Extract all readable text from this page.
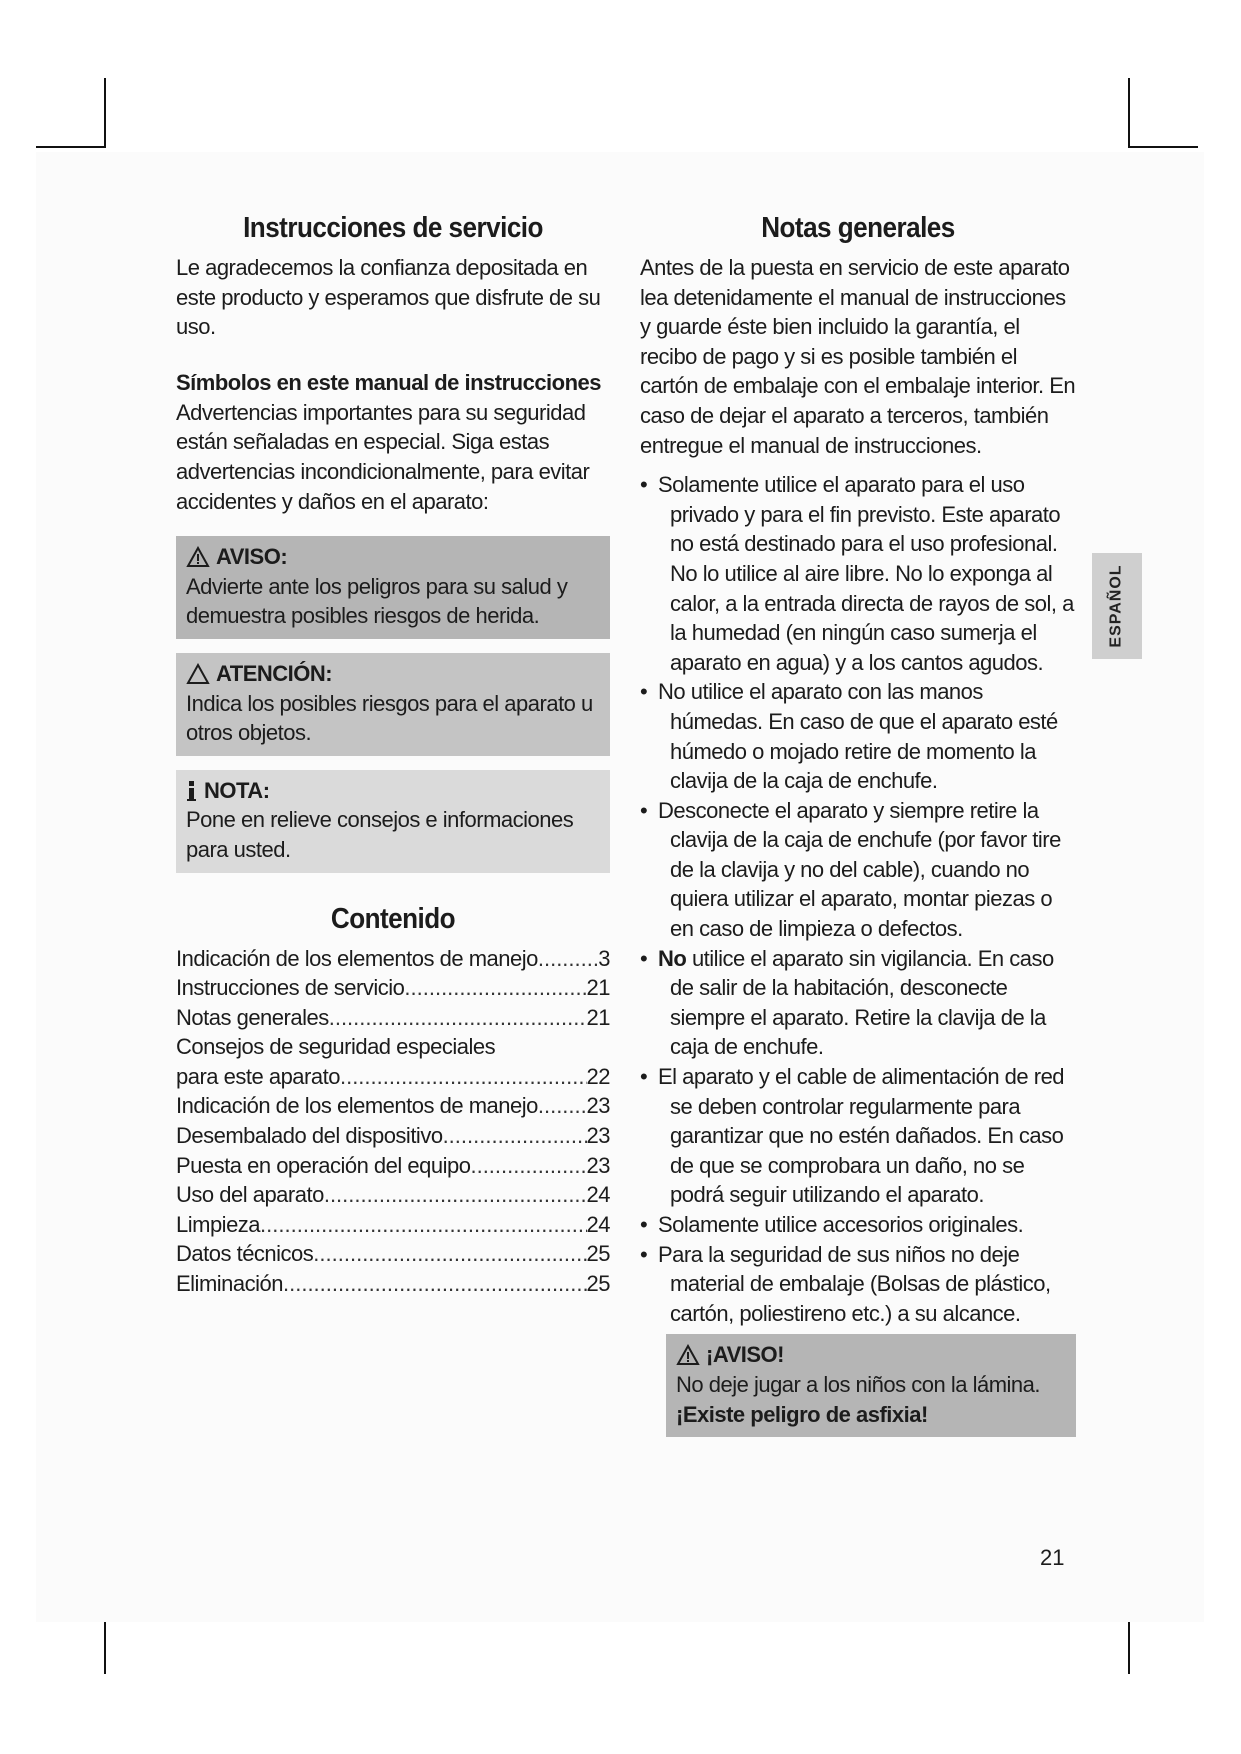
Instrucciones de servicio

Le agradecemos la confianza depositada en este producto y esperamos que disfrute de su uso.

Símbolos en este manual de instrucciones

Advertencias importantes para su seguridad están señaladas en especial. Siga estas advertencias incondicionalmente, para evitar accidentes y daños en el aparato:

AVISO:
Advierte ante los peligros para su salud y demuestra posibles riesgos de herida.
ATENCIÓN:
Indica los posibles riesgos para el aparato u otros objetos.
NOTA:
Pone en relieve consejos e informaciones para usted.
Contenido
Indicación de los elementos de manejo .....	3
Instrucciones de servicio .....	21
Notas generales .....	21
Consejos de seguridad especiales
para este aparato .....	22
Indicación de los elementos de manejo ..... 23
Desembalado del dispositivo .....	23
Puesta en operación del equipo .....	23
Uso del aparato .....	24
Limpieza .....	24
Datos técnicos .....	25
Eliminación .....	25
Notas generales

Antes de la puesta en servicio de este aparato lea detenidamente el manual de instrucciones y guarde éste bien incluido la garantía, el recibo de pago y si es posible también el cartón de embalaje con el embalaje interior. En caso de dejar el aparato a terceros, también entregue el manual de instrucciones.

• Solamente utilice el aparato para el uso privado y para el fin previsto. Este aparato no está destinado para el uso profesional. No lo utilice al aire libre. No lo exponga al calor, a la entrada directa de rayos de sol, a la humedad (en ningún caso sumerja el aparato en agua) y a los cantos agudos.
• No utilice el aparato con las manos húmedas. En caso de que el aparato esté húmedo o mojado retire de momento la clavija de la caja de enchufe.
• Desconecte el aparato y siempre retire la clavija de la caja de enchufe (por favor tire de la clavija y no del cable), cuando no quiera utilizar el aparato, montar piezas o en caso de limpieza o defectos.
• No utilice el aparato sin vigilancia. En caso de salir de la habitación, desconecte siempre el aparato. Retire la clavija de la caja de enchufe.
• El aparato y el cable de alimentación de red se deben controlar regularmente para garantizar que no estén dañados. En caso de que se comprobara un daño, no se podrá seguir utilizando el aparato.
• Solamente utilice accesorios originales.
• Para la seguridad de sus niños no deje material de embalaje (Bolsas de plástico, cartón, poliestireno etc.) a su alcance.
¡AVISO!
No deje jugar a los niños con la lámina.
¡Existe peligro de asfixia!
ESPAÑOL
21
